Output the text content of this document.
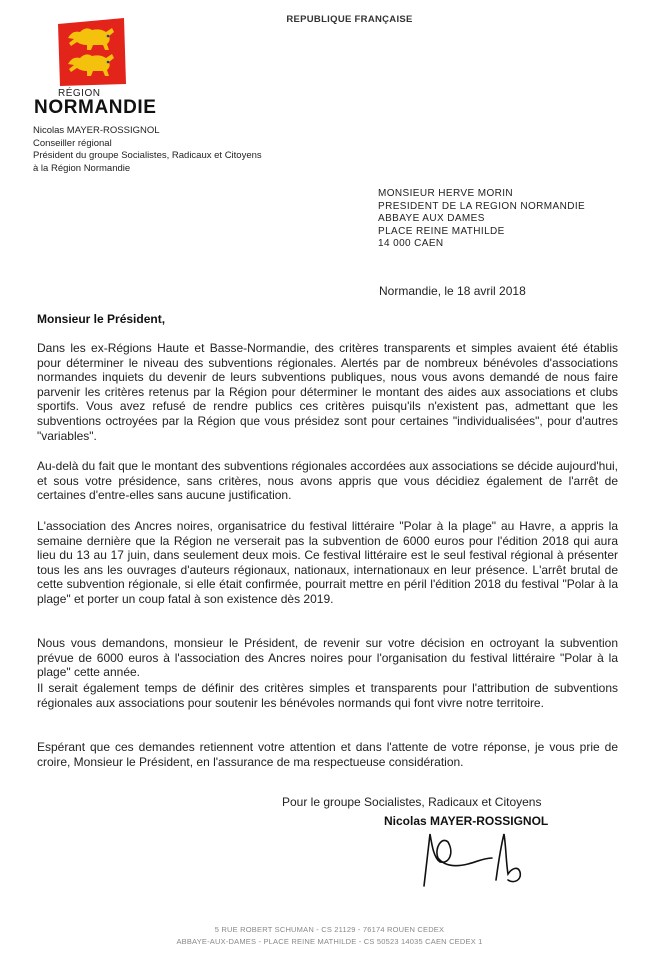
REPUBLIQUE FRANÇAISE
RÉGION
NORMANDIE
Nicolas MAYER-ROSSIGNOL
Conseiller régional
Président du groupe Socialistes, Radicaux et Citoyens
à la Région Normandie
MONSIEUR HERVE MORIN
PRESIDENT DE LA REGION NORMANDIE
ABBAYE AUX DAMES
PLACE REINE MATHILDE
14 000 CAEN
Normandie, le 18 avril 2018
Monsieur le Président,
Dans les ex-Régions Haute et Basse-Normandie, des critères transparents et simples avaient été établis pour déterminer le niveau des subventions régionales. Alertés par de nombreux bénévoles d'associations normandes inquiets du devenir de leurs subventions publiques, nous vous avons demandé de nous faire parvenir les critères retenus par la Région pour déterminer le montant des aides aux associations et clubs sportifs. Vous avez refusé de rendre publics ces critères puisqu'ils n'existent pas, admettant que les subventions octroyées par la Région que vous présidez sont pour certaines "individualisées", pour d'autres "variables".
Au-delà du fait que le montant des subventions régionales accordées aux associations se décide aujourd'hui, et sous votre présidence, sans critères, nous avons appris que vous décidiez également de l'arrêt de certaines d'entre-elles sans aucune justification.
L'association des Ancres noires, organisatrice du festival littéraire "Polar à la plage" au Havre, a appris la semaine dernière que la Région ne verserait pas la subvention de 6000 euros pour l'édition 2018 qui aura lieu du 13 au 17 juin, dans seulement deux mois. Ce festival littéraire est le seul festival régional à présenter tous les ans les ouvrages d'auteurs régionaux, nationaux, internationaux en leur présence. L'arrêt brutal de cette subvention régionale, si elle était confirmée, pourrait mettre en péril l'édition 2018 du festival "Polar à la plage" et porter un coup fatal à son existence dès 2019.
Nous vous demandons, monsieur le Président, de revenir sur votre décision en octroyant la subvention prévue de 6000 euros à l'association des Ancres noires pour l'organisation du festival littéraire "Polar à la plage" cette année.
Il serait également temps de définir des critères simples et transparents pour l'attribution de subventions régionales aux associations pour soutenir les bénévoles normands qui font vivre notre territoire.
Espérant que ces demandes retiennent votre attention et dans l'attente de votre réponse, je vous prie de croire, Monsieur le Président, en l'assurance de ma respectueuse considération.
Pour le groupe Socialistes, Radicaux et Citoyens
Nicolas MAYER-ROSSIGNOL
5 RUE ROBERT SCHUMAN - CS 21129 - 76174 ROUEN CEDEX
ABBAYE-AUX-DAMES - PLACE REINE MATHILDE - CS 50523 14035 CAEN CEDEX 1
